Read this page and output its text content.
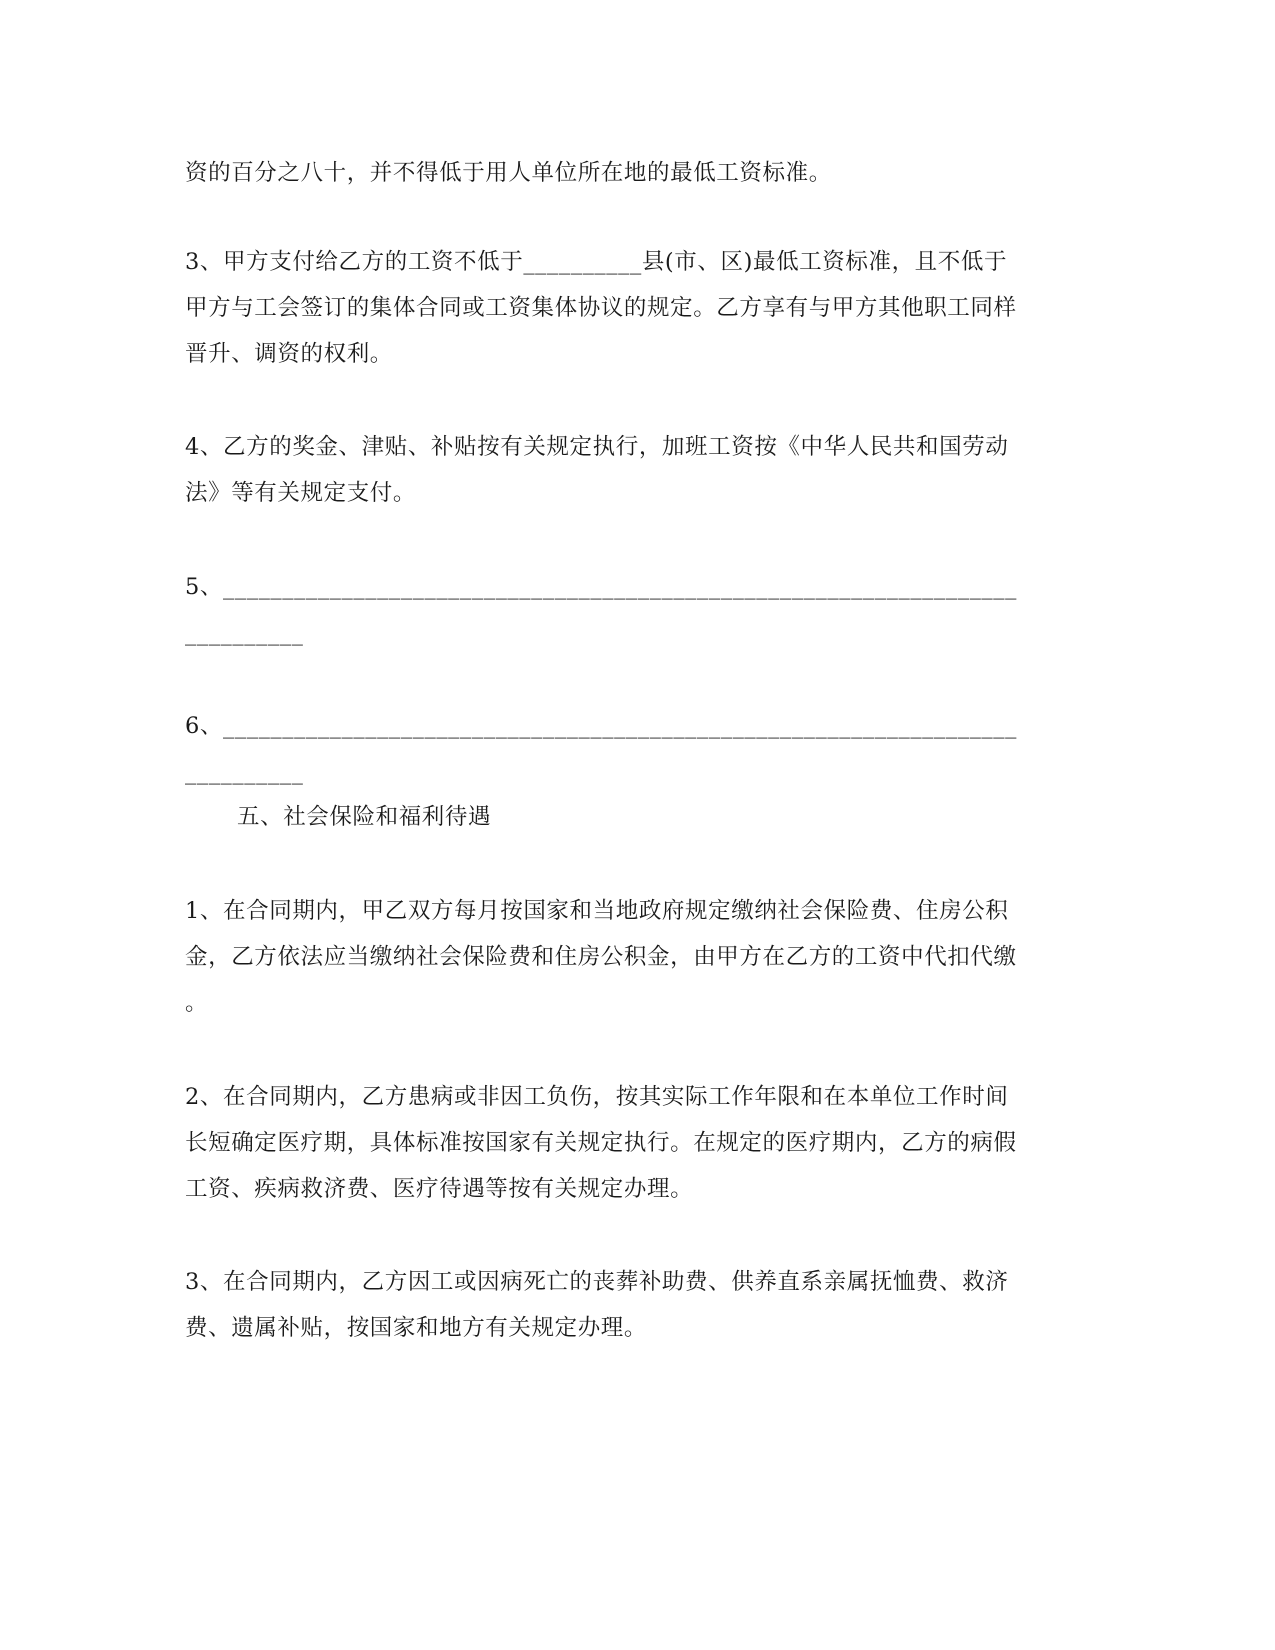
资的百分之八十，并不得低于用人单位所在地的最低工资标准。
3、甲方支付给乙方的工资不低于__________县(市、区)最低工资标准，且不低于
甲方与工会签订的集体合同或工资集体协议的规定。乙方享有与甲方其他职工同样
晋升、调资的权利。
4、乙方的奖金、津贴、补贴按有关规定执行，加班工资按《中华人民共和国劳动
法》等有关规定支付。
5、___________________________________________________________________
__________
6、___________________________________________________________________
__________
五、社会保险和福利待遇
1、在合同期内，甲乙双方每月按国家和当地政府规定缴纳社会保险费、住房公积
金，乙方依法应当缴纳社会保险费和住房公积金，由甲方在乙方的工资中代扣代缴
。
2、在合同期内，乙方患病或非因工负伤，按其实际工作年限和在本单位工作时间
长短确定医疗期，具体标准按国家有关规定执行。在规定的医疗期内，乙方的病假
工资、疾病救济费、医疗待遇等按有关规定办理。
3、在合同期内，乙方因工或因病死亡的丧葬补助费、供养直系亲属抚恤费、救济
费、遗属补贴，按国家和地方有关规定办理。
